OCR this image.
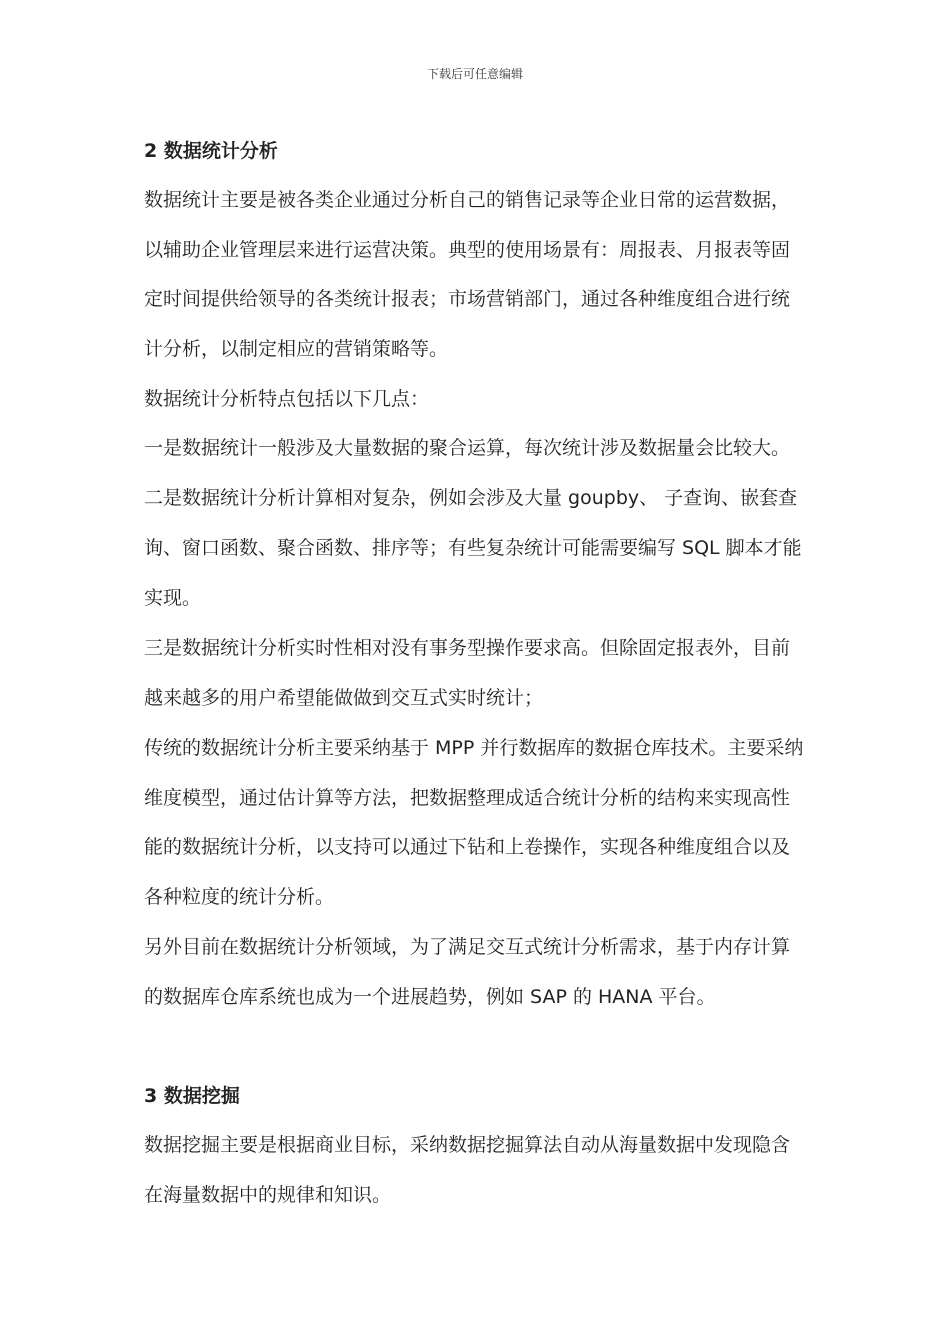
下载后可任意编辑
2 数据统计分析
数据统计主要是被各类企业通过分析自己的销售记录等企业日常的运营数据，
以辅助企业管理层来进行运营决策。典型的使用场景有：周报表、月报表等固
定时间提供给领导的各类统计报表；市场营销部门，通过各种维度组合进行统
计分析，以制定相应的营销策略等。
数据统计分析特点包括以下几点：
一是数据统计一般涉及大量数据的聚合运算，每次统计涉及数据量会比较大。
二是数据统计分析计算相对复杂，例如会涉及大量 goupby、 子查询、嵌套查
询、窗口函数、聚合函数、排序等；有些复杂统计可能需要编写 SQL 脚本才能
实现。
三是数据统计分析实时性相对没有事务型操作要求高。但除固定报表外，目前
越来越多的用户希望能做做到交互式实时统计；
传统的数据统计分析主要采纳基于 MPP 并行数据库的数据仓库技术。主要采纳
维度模型，通过估计算等方法，把数据整理成适合统计分析的结构来实现高性
能的数据统计分析，以支持可以通过下钻和上卷操作，实现各种维度组合以及
各种粒度的统计分析。
另外目前在数据统计分析领域，为了满足交互式统计分析需求，基于内存计算
的数据库仓库系统也成为一个进展趋势，例如 SAP 的 HANA 平台。
3 数据挖掘
数据挖掘主要是根据商业目标，采纳数据挖掘算法自动从海量数据中发现隐含
在海量数据中的规律和知识。
